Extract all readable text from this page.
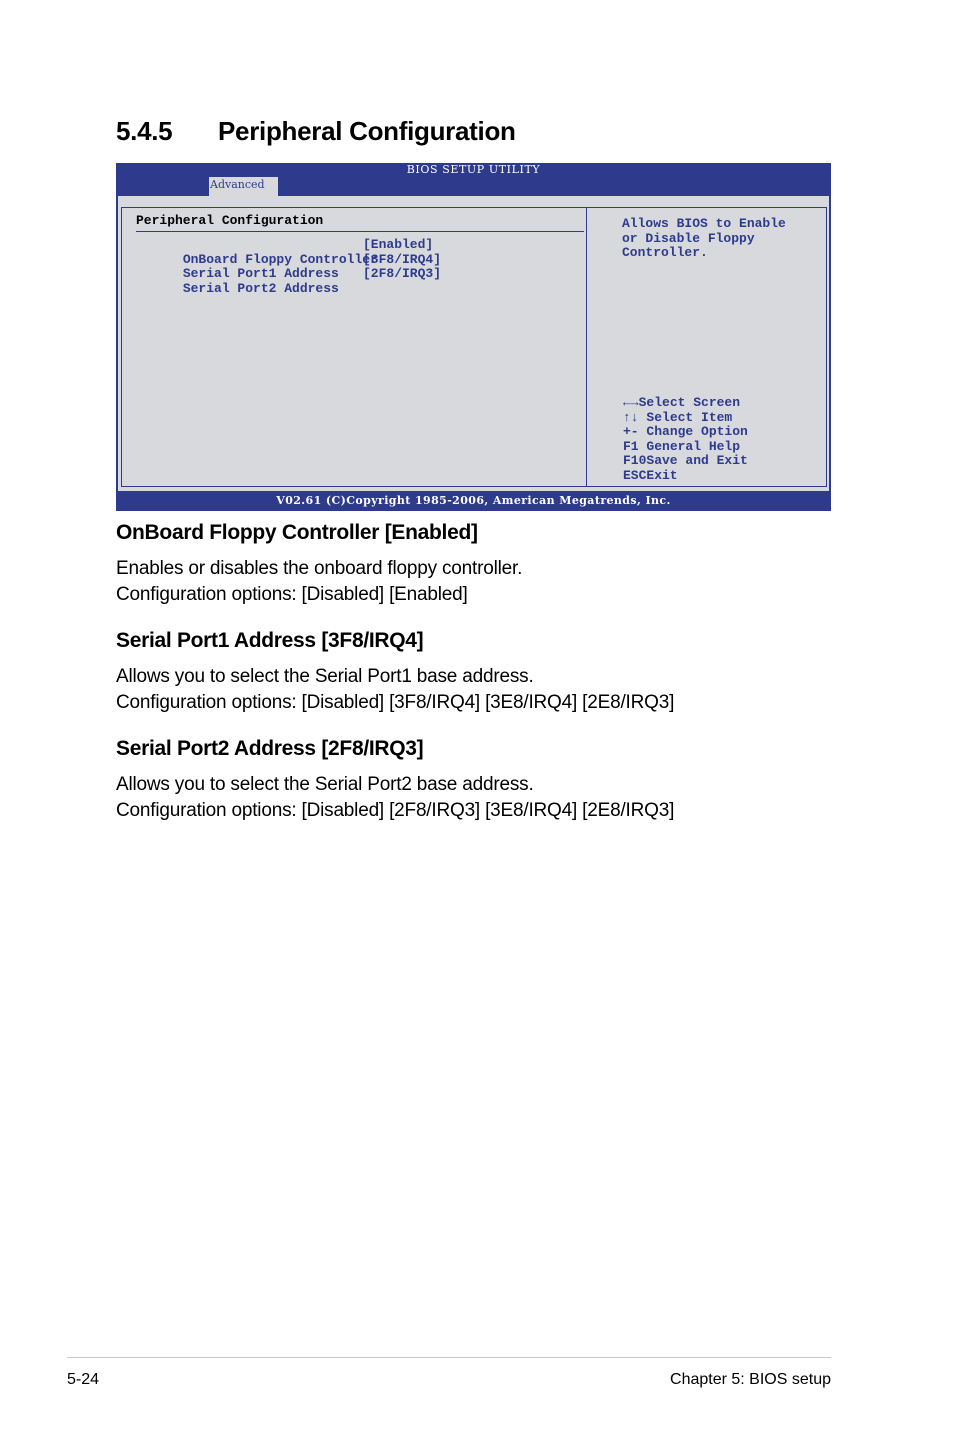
5.4.5 Peripheral Configuration
BIOS SETUP UTILITY
Advanced
Peripheral Configuration

OnBoard Floppy Controller

[Enabled]

Serial Port1 Address

[3F8/IRQ4]

Serial Port2 Address

[2F8/IRQ3]

Allows BIOS to Enable
or Disable Floppy
Controller.
←→Select Screen
↑↓ Select Item
+- Change Option
F1 General Help
F10Save and Exit
ESCExit
V02.61 (C)Copyright 1985-2006, American Megatrends, Inc.
OnBoard Floppy Controller [Enabled]
Enables or disables the onboard floppy controller.
Configuration options: [Disabled] [Enabled]
Serial Port1 Address [3F8/IRQ4]
Allows you to select the Serial Port1 base address.
Configuration options: [Disabled] [3F8/IRQ4] [3E8/IRQ4] [2E8/IRQ3]
Serial Port2 Address [2F8/IRQ3]
Allows you to select the Serial Port2 base address.
Configuration options: [Disabled] [2F8/IRQ3] [3E8/IRQ4] [2E8/IRQ3]
5-24	Chapter 5: BIOS setup
